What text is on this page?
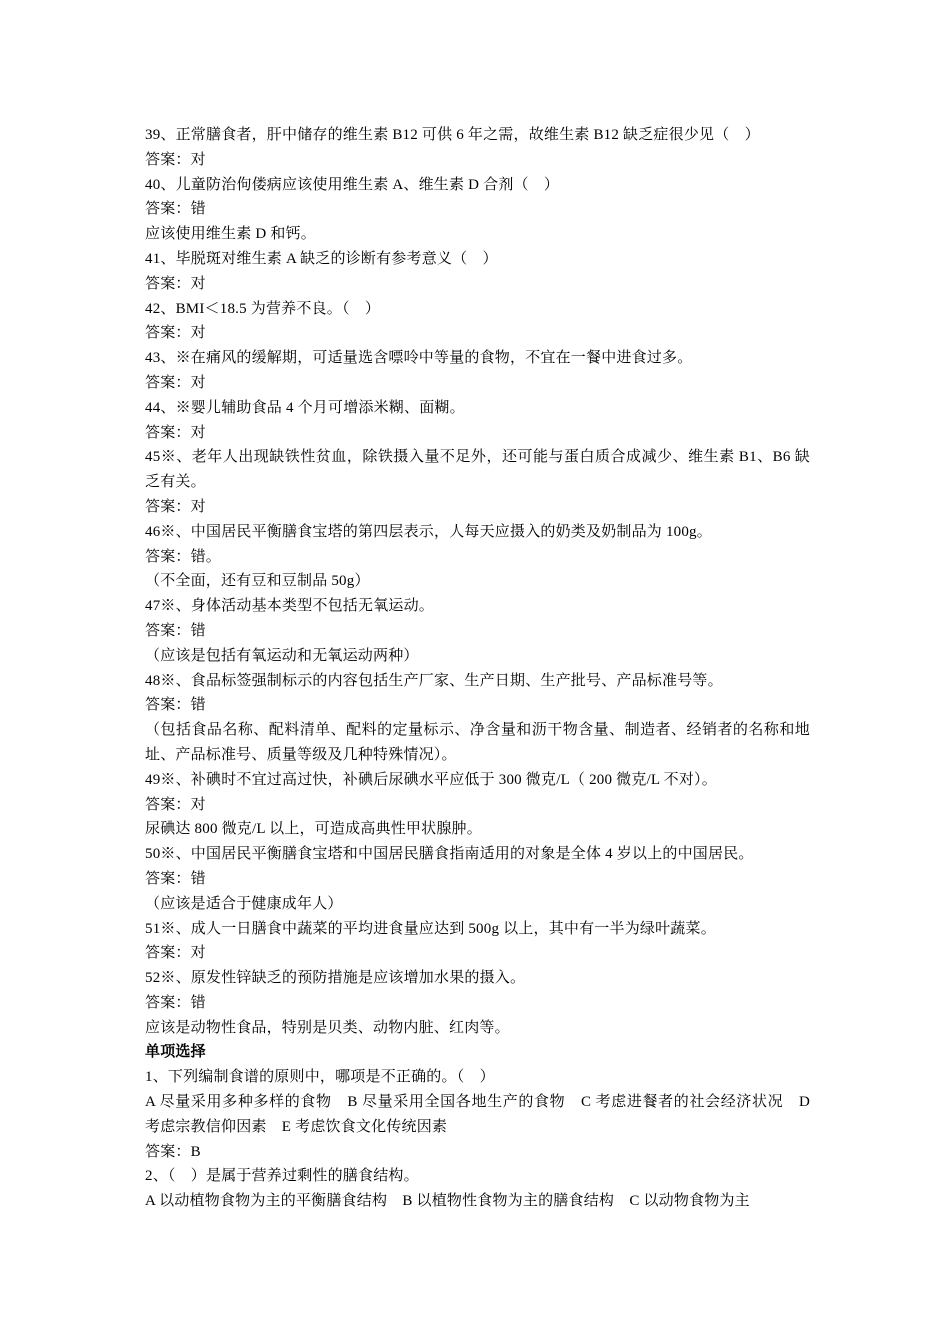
39、正常膳食者，肝中储存的维生素 B12 可供 6 年之需，故维生素 B12 缺乏症很少见（　）
答案：对
40、儿童防治佝偻病应该使用维生素 A、维生素 D 合剂（　）
答案：错
应该使用维生素 D 和钙。
41、毕脱斑对维生素 A 缺乏的诊断有参考意义（　）
答案：对
42、BMI＜18.5 为营养不良。（　）
答案：对
43、※在痛风的缓解期，可适量选含嘌呤中等量的食物，不宜在一餐中进食过多。
答案：对
44、※婴儿辅助食品 4 个月可增添米糊、面糊。
答案：对
45※、老年人出现缺铁性贫血，除铁摄入量不足外，还可能与蛋白质合成减少、维生素 B1、B6 缺乏有关。
答案：对
46※、中国居民平衡膳食宝塔的第四层表示，人每天应摄入的奶类及奶制品为 100g。
答案：错。
（不全面，还有豆和豆制品 50g）
47※、身体活动基本类型不包括无氧运动。
答案：错
（应该是包括有氧运动和无氧运动两种）
48※、食品标签强制标示的内容包括生产厂家、生产日期、生产批号、产品标准号等。
答案：错
（包括食品名称、配料清单、配料的定量标示、净含量和沥干物含量、制造者、经销者的名称和地址、产品标准号、质量等级及几种特殊情况）。
49※、补碘时不宜过高过快，补碘后尿碘水平应低于 300 微克/L（ 200 微克/L 不对）。
答案：对
尿碘达 800 微克/L 以上，可造成高典性甲状腺肿。
50※、中国居民平衡膳食宝塔和中国居民膳食指南适用的对象是全体 4 岁以上的中国居民。
答案：错
（应该是适合于健康成年人）
51※、成人一日膳食中蔬菜的平均进食量应达到 500g 以上，其中有一半为绿叶蔬菜。
答案：对
52※、原发性锌缺乏的预防措施是应该增加水果的摄入。
答案：错
应该是动物性食品，特别是贝类、动物内脏、红肉等。
单项选择
1、下列编制食谱的原则中，哪项是不正确的。（　）
A 尽量采用多种多样的食物　B 尽量采用全国各地生产的食物　C 考虑进餐者的社会经济状况　D 考虑宗教信仰因素　E 考虑饮食文化传统因素
答案：B
2、（　）是属于营养过剩性的膳食结构。
A 以动植物食物为主的平衡膳食结构　B 以植物性食物为主的膳食结构　C 以动物食物为主
